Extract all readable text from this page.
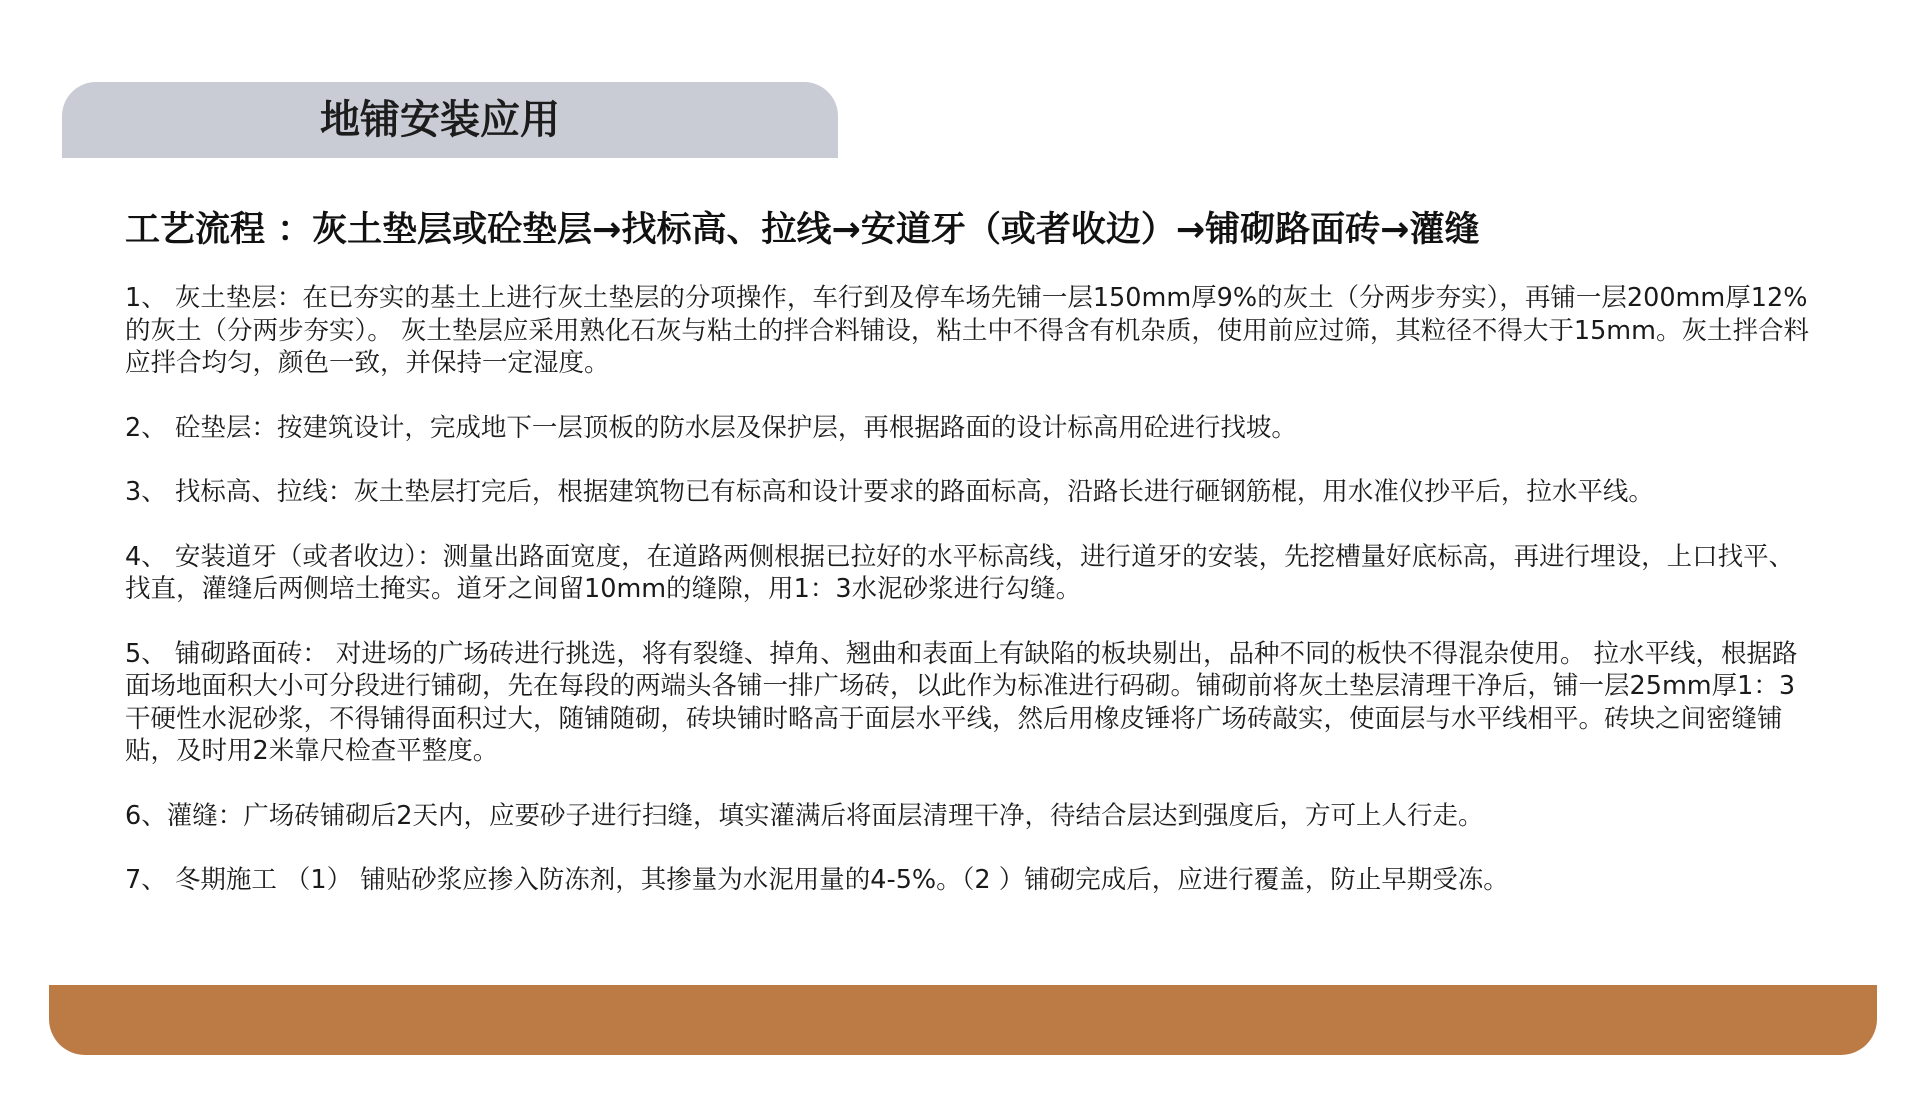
地铺安装应用
工艺流程 ：灰土垫层或砼垫层→找标高、拉线→安道牙（或者收边）→铺砌路面砖→灌缝

1、 灰土垫层：在已夯实的基土上进行灰土垫层的分项操作，车行到及停车场先铺一层150mm厚9%的灰土（分两步夯实），再铺一层200mm厚12%的灰土（分两步夯实）。 灰土垫层应采用熟化石灰与粘土的拌合料铺设，粘土中不得含有机杂质，使用前应过筛，其粒径不得大于15mm。灰土拌合料应拌合均匀，颜色一致，并保持一定湿度。

2、 砼垫层：按建筑设计，完成地下一层顶板的防水层及保护层，再根据路面的设计标高用砼进行找坡。

3、 找标高、拉线：灰土垫层打完后，根据建筑物已有标高和设计要求的路面标高，沿路长进行砸钢筋棍，用水准仪抄平后，拉水平线。

4、 安装道牙（或者收边）：测量出路面宽度，在道路两侧根据已拉好的水平标高线，进行道牙的安装，先挖槽量好底标高，再进行埋设，上口找平、找直，灌缝后两侧培土掩实。道牙之间留10mm的缝隙，用1：3水泥砂浆进行勾缝。

5、 铺砌路面砖： 对进场的广场砖进行挑选，将有裂缝、掉角、翘曲和表面上有缺陷的板块剔出，品种不同的板快不得混杂使用。 拉水平线，根据路面场地面积大小可分段进行铺砌，先在每段的两端头各铺一排广场砖，以此作为标准进行码砌。铺砌前将灰土垫层清理干净后，铺一层25mm厚1：3干硬性水泥砂浆，不得铺得面积过大，随铺随砌，砖块铺时略高于面层水平线，然后用橡皮锤将广场砖敲实，使面层与水平线相平。砖块之间密缝铺贴，及时用2米靠尺检查平整度。

6、灌缝：广场砖铺砌后2天内，应要砂子进行扫缝，填实灌满后将面层清理干净，待结合层达到强度后，方可上人行走。

7、 冬期施工 （1） 铺贴砂浆应掺入防冻剂，其掺量为水泥用量的4-5%。（2 ）铺砌完成后，应进行覆盖，防止早期受冻。
